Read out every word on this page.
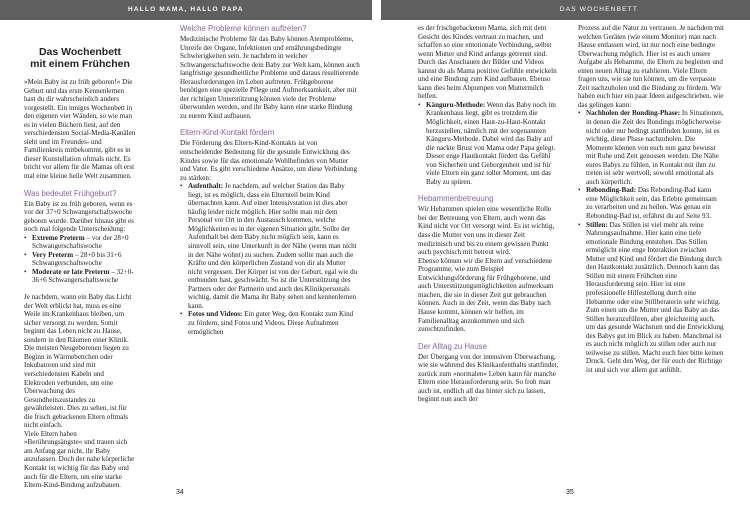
HALLO MAMA, HALLO PAPA	DAS WOCHENBETT
Das Wochenbett
mit einem Frühchen

»Mein Baby ist zu früh geboren!« Die Geburt und das erste Kennenlernen hast du dir wahrscheinlich anders vorgestellt. Ein inniges Wochenbett in den eigenen vier Wänden, so wie man es in vielen Büchern liest, auf den verschiedensten Social-Media-Kanälen sieht und im Freundes- und Familienkreis mitbekommt, gibt es in dieser Konstellation oftmals nicht. Es bricht vor allem für die Mamas oft erst mal eine kleine heile Welt zusammen.

Was bedeutet Frühgeburt?

Ein Baby ist zu früh geboren, wenn es vor der 37+0 Schwangerschaftswoche geboren wurde. Darüber hinaus gibt es noch mal folgende Unterscheidung:

• Extreme Preterm – vor der 28+0 Schwangerschaftswoche
• Very Preterm – 28+0 bis 31+6 Schwangerschaftswoche
• Moderate or late Preterm – 32+0-36+6 Schwangerschaftswoche

Je nachdem, wann ein Baby das Licht der Welt erblickt hat, muss es eine Weile im Krankenhaus bleiben, um sicher versorgt zu werden. Somit beginnt das Leben nicht zu Hause, sondern in den Räumen einer Klinik. Die meisten Neugeborenen liegen zu Beginn in Wärmebettchen oder Inkubatoren und sind mit verschiedensten Kabeln und Elektroden verbunden, um eine Überwachung des Gesundheitszustandes zu gewährleisten. Dies zu sehen, ist für die frisch gebackenen Eltern oftmals nicht einfach.

Viele Eltern haben »Berührungsängste« und trauen sich am Anfang gar nicht, ihr Baby anzufassen. Doch der nahe körperliche Kontakt ist wichtig für das Baby und auch für die Eltern, um eine starke Eltern-Kind-Bindung aufzubauen.

Welche Probleme können auftreten?

Medizinische Probleme für das Baby können Atemprobleme, Unreife der Organe, Infektionen und ernährungsbedingte Schwierigkeiten sein. Je nachdem in welcher Schwangerschaftswoche dein Baby zur Welt kam, können auch langfristige gesundheitliche Probleme und daraus resultierende Herausforderungen im Leben auftreten. Frühgeborene benötigen eine spezielle Pflege und Aufmerksamkeit, aber mit der richtigen Unterstützung können viele der Probleme überwunden werden, und ihr Baby kann eine starke Bindung zu eurem Kind aufbauen.

Eltern-Kind-Kontakt fördern

Die Förderung des Eltern-Kind-Kontakts ist von entscheidender Bedeutung für die gesunde Entwicklung des Kindes sowie für das emotionale Wohlbefinden von Mutter und Vater. Es gibt verschiedene Ansätze, um diese Verbindung zu stärken:

• Aufenthalt: Je nachdem, auf welcher Station das Baby liegt, ist es möglich, dass ein Elternteil beim Kind übernachten kann. Auf einer Intensivstation ist dies aber häufig leider nicht möglich. Hier sollte man mit dem Personal vor Ort in den Austausch kommen, welche Möglichkeiten es in der eigenen Situation gibt. Sollte der Aufenthalt bei dem Baby nicht möglich sein, kann es sinnvoll sein, eine Unterkunft in der Nähe (wenn man nicht in der Nähe wohnt) zu suchen. Zudem sollte man auch die Kräfte und den körperlichen Zustand von dir als Mutter nicht vergessen. Der Körper ist von der Geburt, egal wie du entbunden hast, geschwächt. So ist die Unterstützung des Partners oder der Partnerin und auch des Klinikpersonals wichtig, damit die Mama ihr Baby sehen und kennenlernen kann.
• Fotos und Videos: Ein guter Weg, den Kontakt zum Kind zu fördern, sind Fotos und Videos. Diese Aufnahmen ermöglichen

es der frischgebackenen Mama, sich mit dem Gesicht des Kindes vertraut zu machen, und schaffen so eine emotionale Verbindung, selbst wenn Mutter und Kind anfangs getrennt sind. Durch das Anschauen der Bilder und Videos kannst du als Mama positive Gefühle entwickeln und eine Bindung zum Kind aufbauen. Ebenso kann dies beim Abpumpen von Muttermilch helfen.

• Känguru-Methode: Wenn das Baby noch im Krankenhaus liegt, gibt es trotzdem die Möglichkeit, einen Haut-zu-Haut-Kontakt herzustellen, nämlich mit der sogenannten Känguru-Methode. Dabei wird das Baby auf die nackte Brust von Mama oder Papa gelegt. Dieser enge Hautkontakt fördert das Gefühl von Sicherheit und Geborgenheit und ist für viele Eltern ein ganz toller Moment, um das Baby zu spüren.
Hebammenbetreuung

Wir Hebammen spielen eine wesentliche Rolle bei der Betreuung von Eltern, auch wenn das Kind nicht vor Ort versorgt wird. Es ist wichtig, dass die Mutter von uns in dieser Zeit medizinisch und bis zu einem gewissen Punkt auch psychisch mit betreut wird.

Ebenso können wir die Eltern auf verschiedene Programme, wie zum Beispiel Entwicklungsförderung für Frühgeborene, und auch Unterstützungsmöglichkeiten aufmerksam machen, die sie in dieser Zeit gut gebrauchen können. Auch in der Zeit, wenn das Baby nach Hause kommt, können wir helfen, im Familienalltag anzukommen und sich zurechtzufinden.

Der Alltag zu Hause

Der Übergang von der intensiven Überwachung, wie sie während des Klinikaufenthalts stattfindet, zurück zum »normalen« Leben kann für manche Eltern eine Herausforderung sein. So froh man auch ist, endlich all das hinter sich zu lassen, beginnt nun auch der

Prozess auf die Natur zu vertrauen. Je nachdem mit welchen Geräten (wie einem Monitor) man nach Hause entlassen wird, ist nur noch eine bedingte Überwachung möglich. Hier ist es auch unsere Aufgabe als Hebamme, die Eltern zu begleiten und einen neuen Alltag zu etablieren. Viele Eltern fragen uns, wie sie tun können, um die verpasste Zeit nachzuholen und die Bindung zu fördern. Wir haben euch hier ein paar Ideen aufgeschrieben, wie das gelingen kann:

• Nachholen der Bonding-Phase: In Situationen, in denen die Zeit des Bondings möglicherweise nicht oder nur bedingt stattfinden konnte, ist es wichtig, diese Phase nachzuholen. Die Momente können von euch nun ganz bewusst mit Ruhe und Zeit genossen werden. Die Nähe eures Babys zu fühlen, in Kontakt mit ihm zu treten ist sehr wertvoll, sowohl emotional als auch körperlich.
• Rebonding-Bad: Das Rebonding-Bad kann eine Möglichkeit sein, das Erlebte gemeinsam zu verarbeiten und zu heilen. Was genau ein Rebonding-Bad ist, erfährst du auf Seite 93.
• Stillen: Das Stillen ist viel mehr als reine Nahrungsaufnahme. Hier kann eine tiefe emotionale Bindung entstehen. Das Stillen ermöglicht eine enge Interaktion zwischen Mutter und Kind und fördert die Bindung durch den Hautkontakt zusätzlich. Dennoch kann das Stillen mit einem Frühchen eine Herausforderung sein. Hier ist eine professionelle Hilfestellung durch eine Hebamme oder eine Stillberaterin sehr wichtig. Zum einen um die Mutter und das Baby an das Stillen heranzuführen, aber gleichzeitig auch, um das gesunde Wachstum und die Entwicklung des Babys gut im Blick zu haben. Manchmal ist es auch nicht möglich zu stillen oder auch nur teilweise zu stillen. Macht euch hier bitte keinen Druck. Geht den Weg, der für euch der Richtige ist und sich vor allem gut anfühlt.
34	35
